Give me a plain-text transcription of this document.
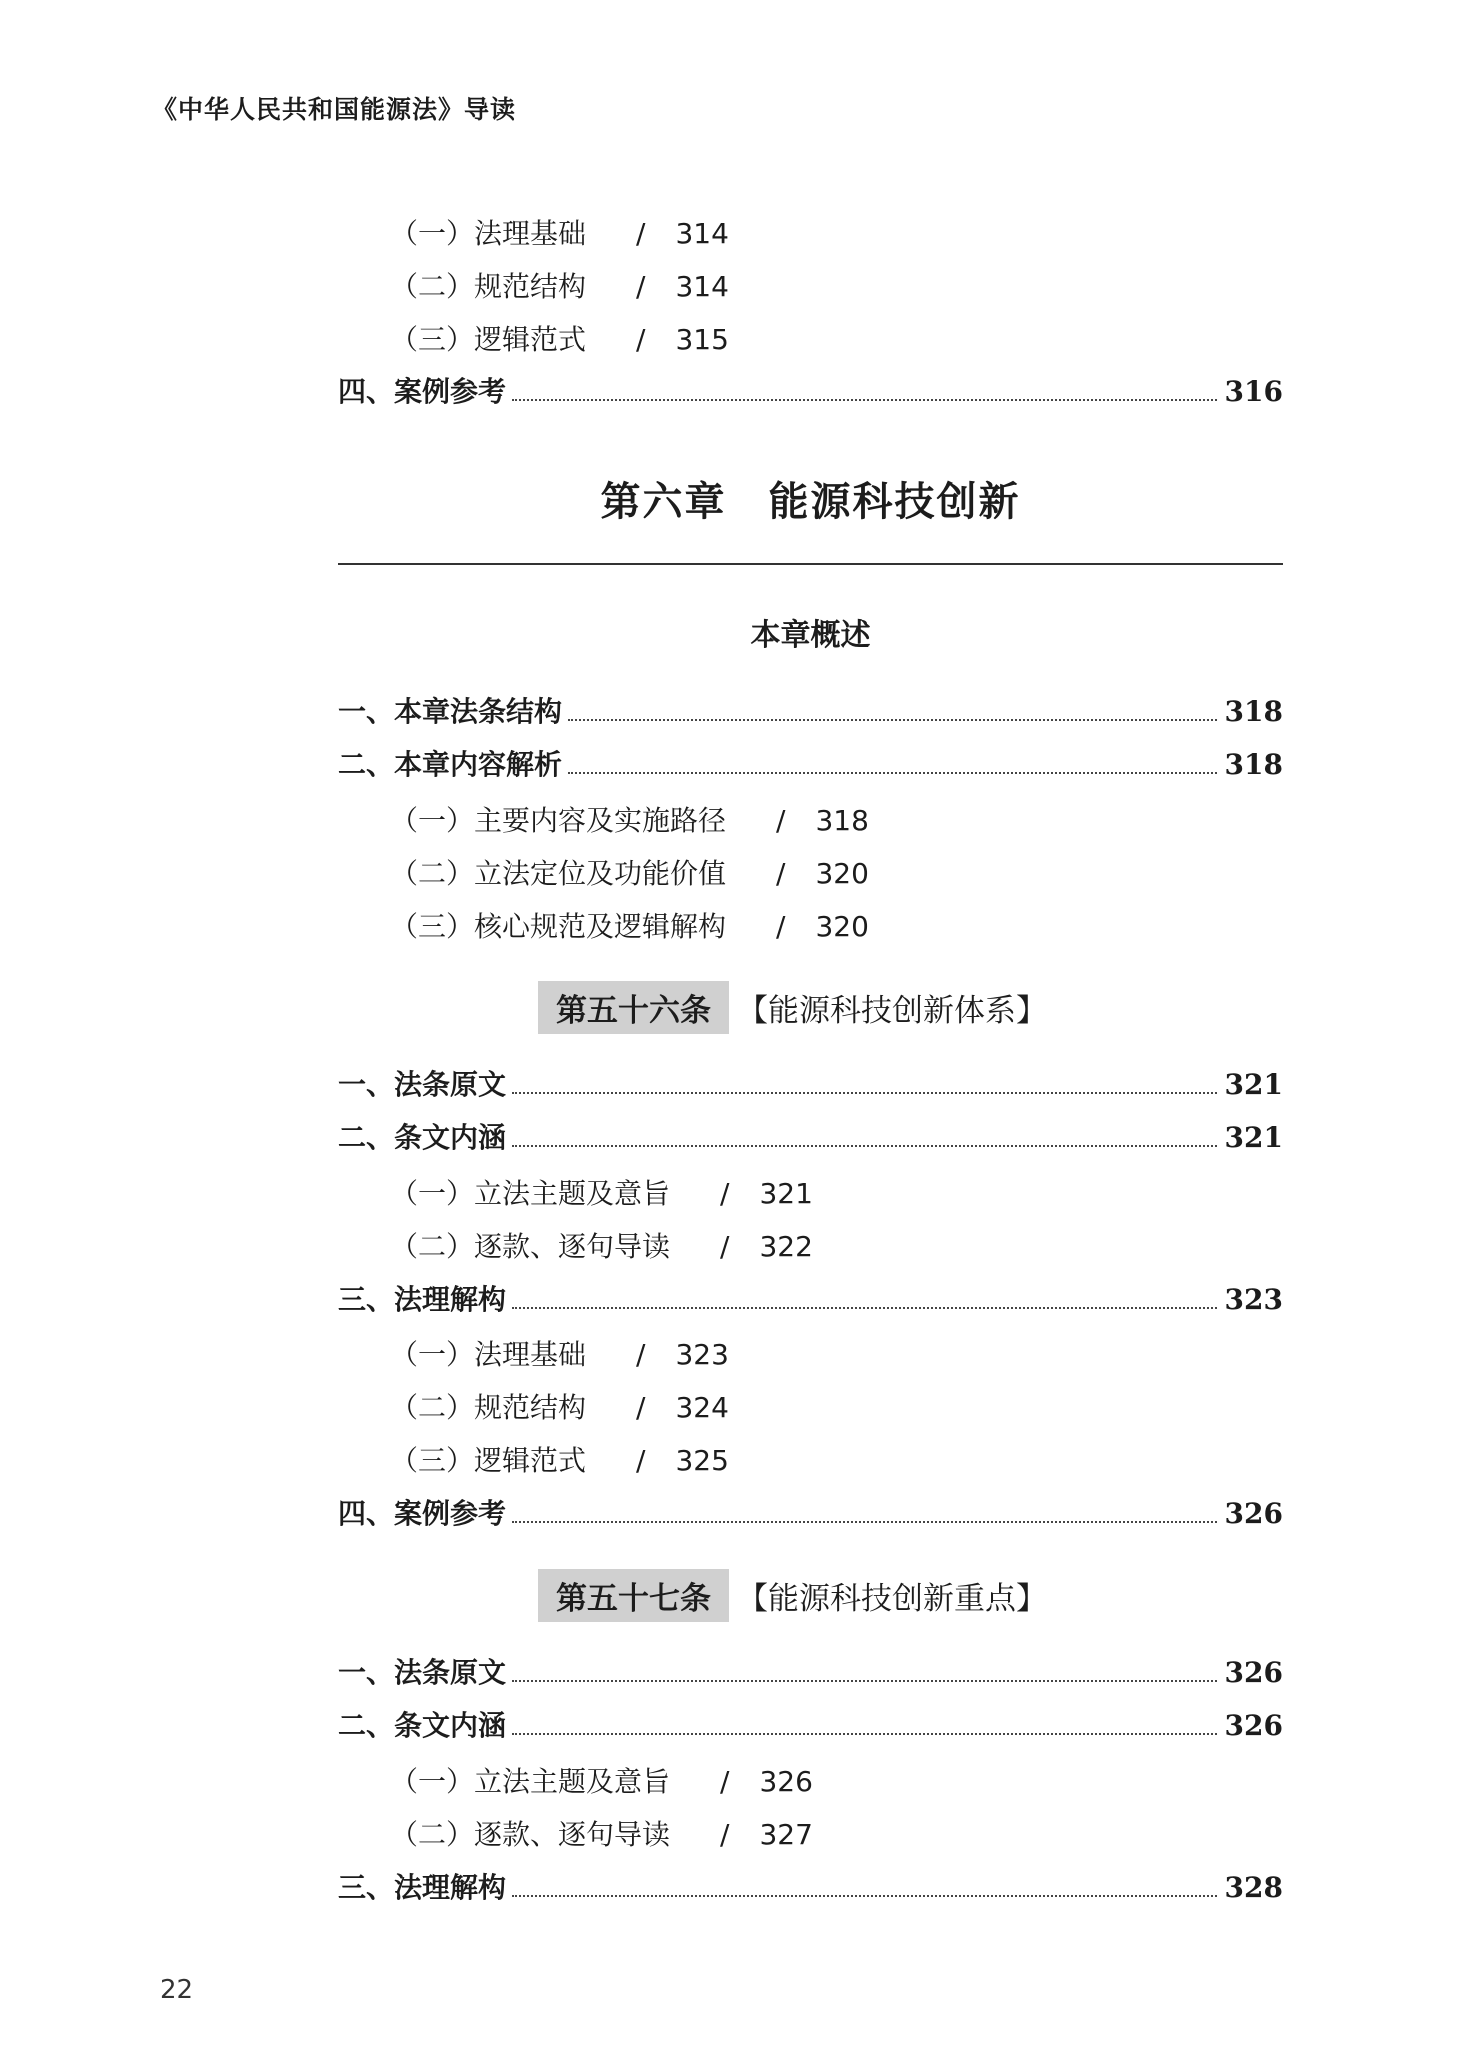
《中华人民共和国能源法》导读
（一）法理基础 / 314
（二）规范结构 / 314
（三）逻辑范式 / 315
四、案例参考	316
第六章　能源科技创新
本章概述
一、本章法条结构	318
二、本章内容解析	318
（一）主要内容及实施路径 / 318
（二）立法定位及功能价值 / 320
（三）核心规范及逻辑解构 / 320
第五十六条 【能源科技创新体系】
一、法条原文	321
二、条文内涵	321
（一）立法主题及意旨 / 321
（二）逐款、逐句导读 / 322
三、法理解构	323
（一）法理基础 / 323
（二）规范结构 / 324
（三）逻辑范式 / 325
四、案例参考	326
第五十七条 【能源科技创新重点】
一、法条原文	326
二、条文内涵	326
（一）立法主题及意旨 / 326
（二）逐款、逐句导读 / 327
三、法理解构	328
22
